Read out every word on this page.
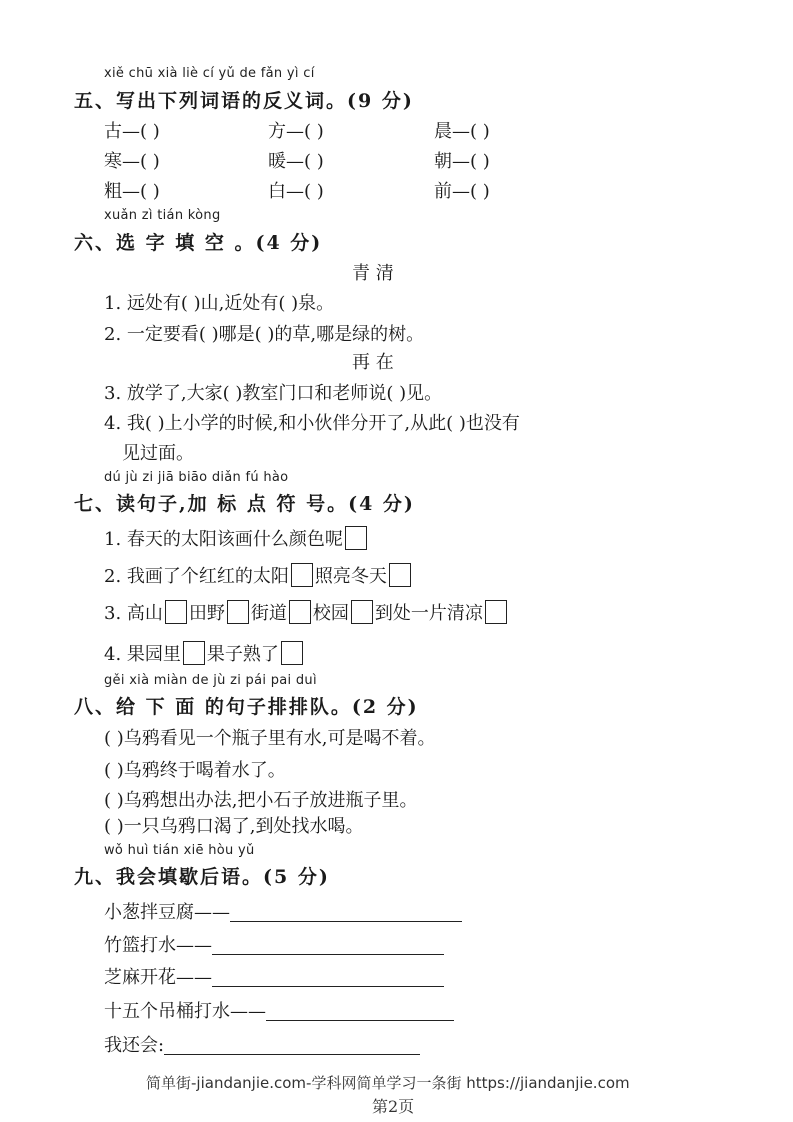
xiě chū xià liè cí yǔ de fǎn yì cí
五、写出下列词语的反义词。(9 分)
古—( )	方—( )	晨—( )
寒—( )	暖—( )	朝—( )
粗—( )	白—( )	前—( )
xuǎn zì tián kòng
六、选 字 填 空 。(4 分)
青 清
1. 远处有( )山,近处有( )泉。
2. 一定要看( )哪是( )的草,哪是绿的树。
再 在
3. 放学了,大家( )教室门口和老师说( )见。
4. 我( )上小学的时候,和小伙伴分开了,从此( )也没有
见过面。
dú jù zi jiā biāo diǎn fú hào
七、读句子,加 标 点 符 号。(4 分)
1. 春天的太阳该画什么颜色呢
2. 我画了个红红的太阳 照亮冬天
3. 高山 田野 街道 校园 到处一片清凉
4. 果园里 果子熟了
gěi xià miàn de jù zi pái pai duì
八、给 下 面 的句子排排队。(2 分)
( )乌鸦看见一个瓶子里有水,可是喝不着。
( )乌鸦终于喝着水了。
( )乌鸦想出办法,把小石子放进瓶子里。
( )一只乌鸦口渴了,到处找水喝。
wǒ huì tián xiē hòu yǔ
九、我会填歇后语。(5 分)
小葱拌豆腐——
竹篮打水——
芝麻开花——
十五个吊桶打水——
我还会:
简单街-jiandanjie.com-学科网简单学习一条街 https://jiandanjie.com
第2页
